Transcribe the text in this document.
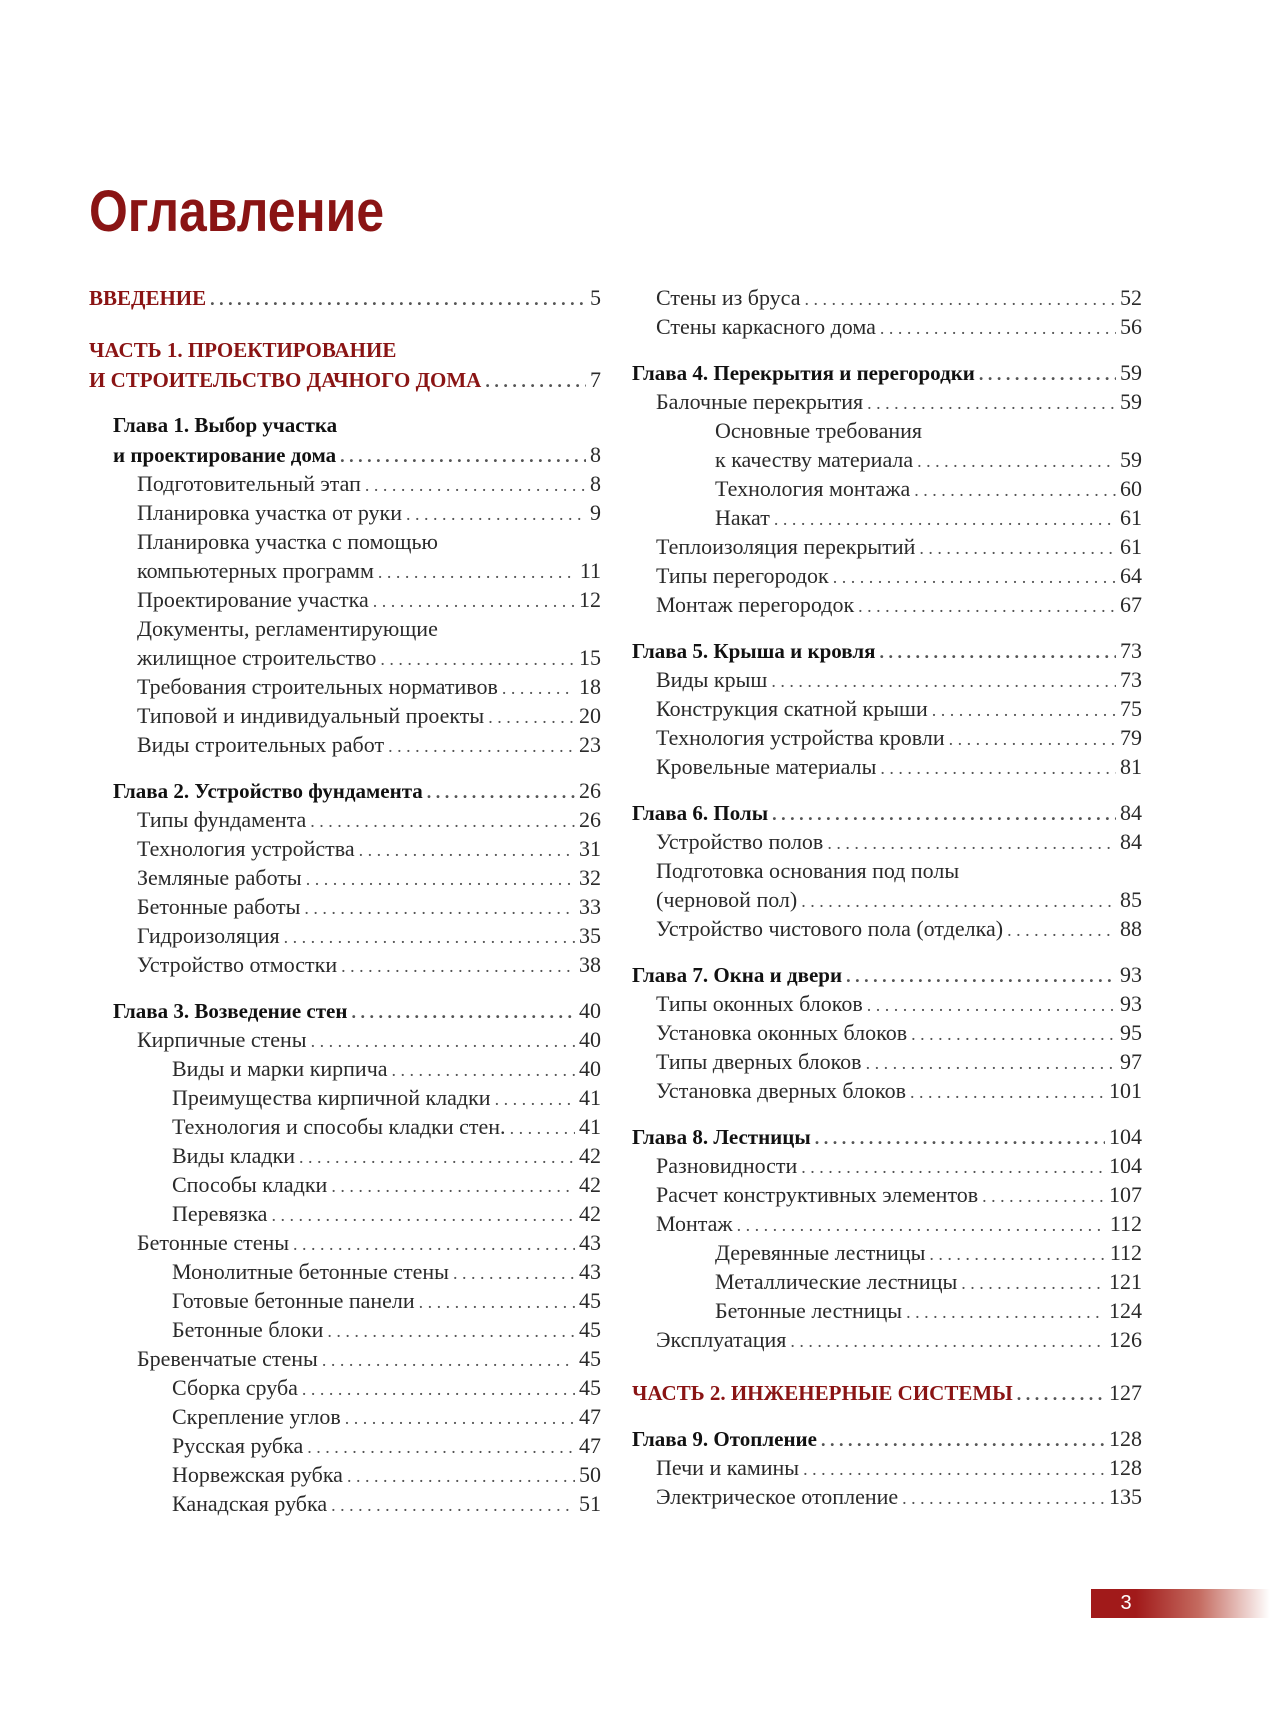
Оглавление
ВВЕДЕНИЕ . . .	5
ЧАСТЬ 1. ПРОЕКТИРОВАНИЕ
И СТРОИТЕЛЬСТВО ДАЧНОГО ДОМА . . .	7
Глава 1. Выбор участка
и проектирование дома . . .	8
Подготовительный этап . . .	8
Планировка участка от руки . . .	9
Планировка участка с помощью
компьютерных программ . . .	11
Проектирование участка . . .	12
Документы, регламентирующие
жилищное строительство . . .	15
Требования строительных нормативов . . .	18
Типовой и индивидуальный проекты . . .	20
Виды строительных работ . . .	23
Глава 2. Устройство фундамента . . .	26
Типы фундамента . . .	26
Технология устройства . . .	31
Земляные работы . . .	32
Бетонные работы . . .	33
Гидроизоляция . . .	35
Устройство отмостки . . .	38
Глава 3. Возведение стен . . .	40
Кирпичные стены . . .	40
Виды и марки кирпича . . .	40
Преимущества кирпичной кладки . . .	41
Технология и способы кладки стен. . . .	41
Виды кладки . . .	42
Способы кладки . . .	42
Перевязка . . .	42
Бетонные стены . . .	43
Монолитные бетонные стены . . .	43
Готовые бетонные панели . . .	45
Бетонные блоки . . .	45
Бревенчатые стены . . .	45
Сборка сруба . . .	45
Скрепление углов . . .	47
Русская рубка . . .	47
Норвежская рубка . . .	50
Канадская рубка . . .	51
Стены из бруса . . .	52
Стены каркасного дома . . .	56
Глава 4. Перекрытия и перегородки . . .	59
Балочные перекрытия . . .	59
Основные требования
к качеству материала . . .	59
Технология монтажа . . .	60
Накат . . .	61
Теплоизоляция перекрытий . . .	61
Типы перегородок . . .	64
Монтаж перегородок . . .	67
Глава 5. Крыша и кровля . . .	73
Виды крыш . . .	73
Конструкция скатной крыши . . .	75
Технология устройства кровли . . .	79
Кровельные материалы . . .	81
Глава 6. Полы . . .	84
Устройство полов . . .	84
Подготовка основания под полы
(черновой пол) . . .	85
Устройство чистового пола (отделка) . . .	88
Глава 7. Окна и двери . . .	93
Типы оконных блоков . . .	93
Установка оконных блоков . . .	95
Типы дверных блоков . . .	97
Установка дверных блоков . . .	101
Глава 8. Лестницы . . .	104
Разновидности . . .	104
Расчет конструктивных элементов . . .	107
Монтаж . . .	112
Деревянные лестницы . . .	112
Металлические лестницы . . .	121
Бетонные лестницы . . .	124
Эксплуатация . . .	126
ЧАСТЬ 2. ИНЖЕНЕРНЫЕ СИСТЕМЫ . . .	127
Глава 9. Отопление . . .	128
Печи и камины . . .	128
Электрическое отопление . . .	135
3
